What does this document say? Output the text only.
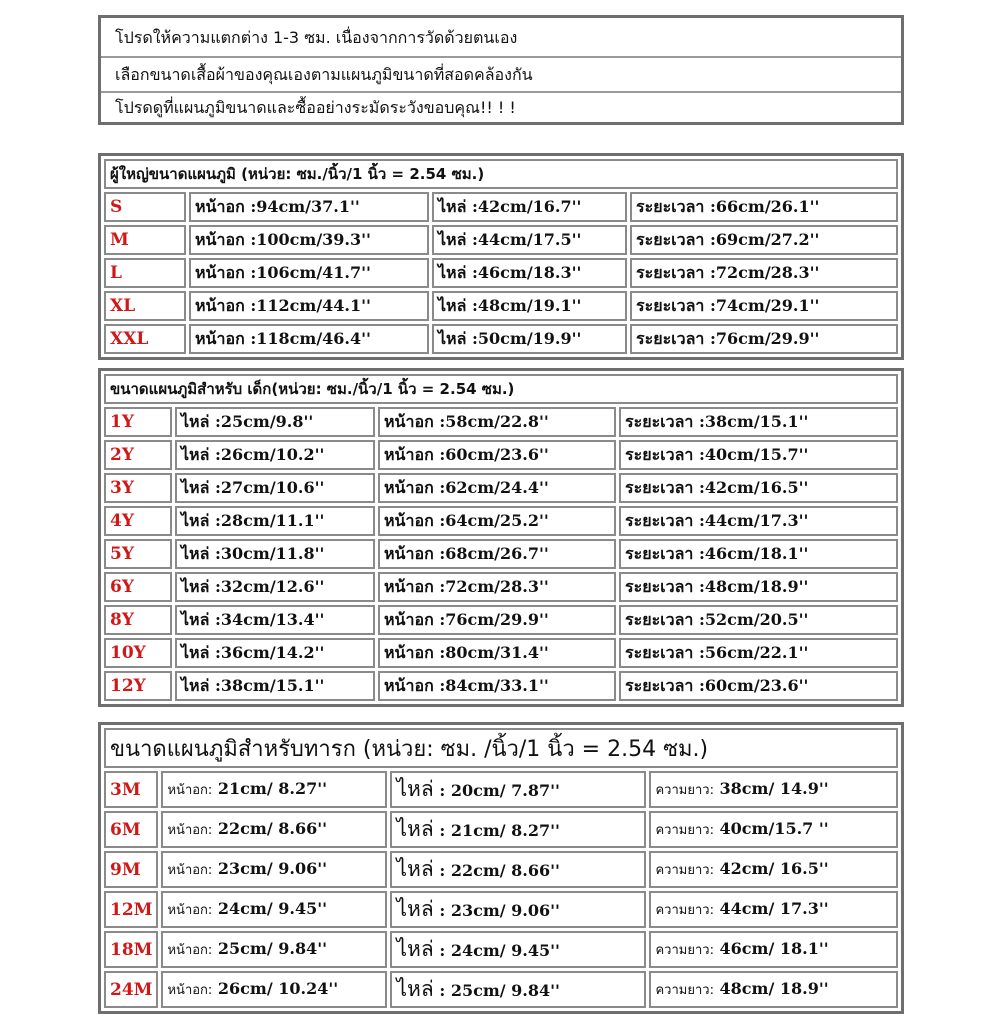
โปรดให้ความแตกต่าง 1-3 ซม. เนื่องจากการวัดด้วยตนเอง
เลือกขนาดเสื้อผ้าของคุณเองตามแผนภูมิขนาดที่สอดคล้องกัน
โปรดดูที่แผนภูมิขนาดและซื้ออย่างระมัดระวังขอบคุณ!! ! !
ผู้ใหญ่ขนาดแผนภูมิ (หน่วย: ซม./นิ้ว/1 นิ้ว = 2.54 ซม.)			
S	หน้าอก :94cm/37.1''	ไหล่ :42cm/16.7''	ระยะเวลา :66cm/26.1''
M	หน้าอก :100cm/39.3''	ไหล่ :44cm/17.5''	ระยะเวลา :69cm/27.2''
L	หน้าอก :106cm/41.7''	ไหล่ :46cm/18.3''	ระยะเวลา :72cm/28.3''
XL	หน้าอก :112cm/44.1''	ไหล่ :48cm/19.1''	ระยะเวลา :74cm/29.1''
XXL	หน้าอก :118cm/46.4''	ไหล่ :50cm/19.9''	ระยะเวลา :76cm/29.9''
ขนาดแผนภูมิสำหรับ เด็ก(หน่วย: ซม./นิ้ว/1 นิ้ว = 2.54 ซม.)			
1Y	ไหล่ :25cm/9.8''	หน้าอก :58cm/22.8''	ระยะเวลา :38cm/15.1''
2Y	ไหล่ :26cm/10.2''	หน้าอก :60cm/23.6''	ระยะเวลา :40cm/15.7''
3Y	ไหล่ :27cm/10.6''	หน้าอก :62cm/24.4''	ระยะเวลา :42cm/16.5''
4Y	ไหล่ :28cm/11.1''	หน้าอก :64cm/25.2''	ระยะเวลา :44cm/17.3''
5Y	ไหล่ :30cm/11.8''	หน้าอก :68cm/26.7''	ระยะเวลา :46cm/18.1''
6Y	ไหล่ :32cm/12.6''	หน้าอก :72cm/28.3''	ระยะเวลา :48cm/18.9''
8Y	ไหล่ :34cm/13.4''	หน้าอก :76cm/29.9''	ระยะเวลา :52cm/20.5''
10Y	ไหล่ :36cm/14.2''	หน้าอก :80cm/31.4''	ระยะเวลา :56cm/22.1''
12Y	ไหล่ :38cm/15.1''	หน้าอก :84cm/33.1''	ระยะเวลา :60cm/23.6''
ขนาดแผนภูมิสำหรับทารก (หน่วย: ซม. /นิ้ว/1 นิ้ว = 2.54 ซม.)			
3M	หน้าอก: 21cm/ 8.27''	ไหล่ : 20cm/ 7.87''	ความยาว: 38cm/ 14.9''
6M	หน้าอก: 22cm/ 8.66''	ไหล่ : 21cm/ 8.27''	ความยาว: 40cm/15.7 ''
9M	หน้าอก: 23cm/ 9.06''	ไหล่ : 22cm/ 8.66''	ความยาว: 42cm/ 16.5''
12M	หน้าอก: 24cm/ 9.45''	ไหล่ : 23cm/ 9.06''	ความยาว: 44cm/ 17.3''
18M	หน้าอก: 25cm/ 9.84''	ไหล่ : 24cm/ 9.45''	ความยาว: 46cm/ 18.1''
24M	หน้าอก: 26cm/ 10.24''	ไหล่ : 25cm/ 9.84''	ความยาว: 48cm/ 18.9''
